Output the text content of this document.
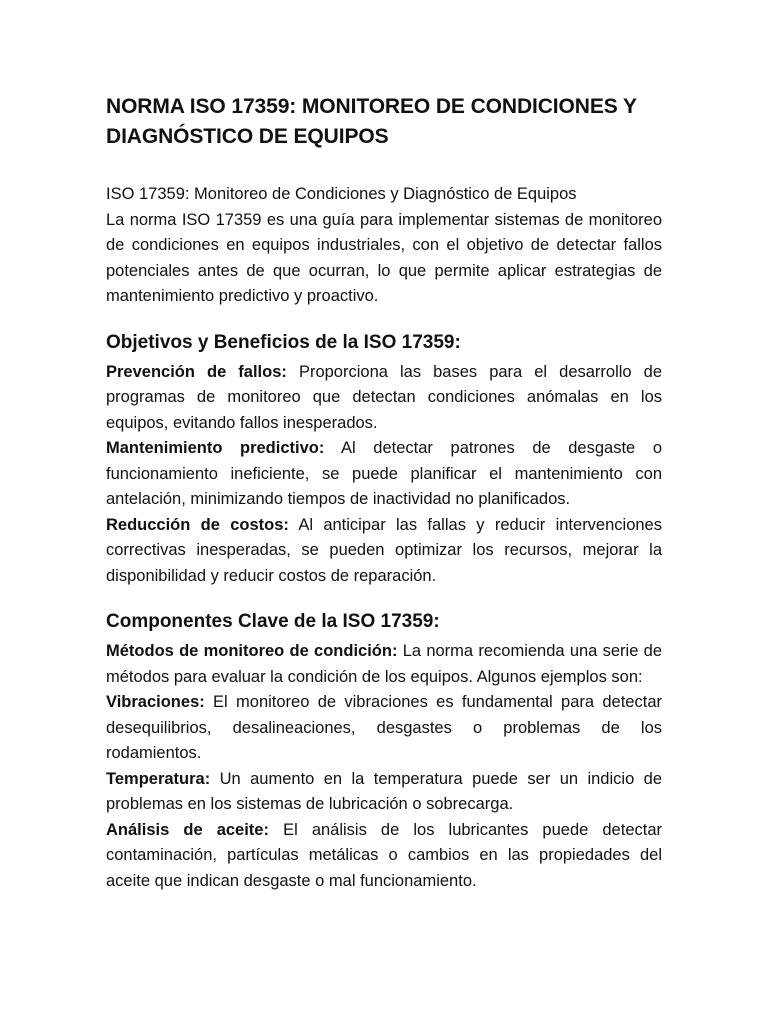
NORMA ISO 17359: MONITOREO DE CONDICIONES Y DIAGNÓSTICO DE EQUIPOS
ISO 17359: Monitoreo de Condiciones y Diagnóstico de Equipos

La norma ISO 17359 es una guía para implementar sistemas de monitoreo de condiciones en equipos industriales, con el objetivo de detectar fallos potenciales antes de que ocurran, lo que permite aplicar estrategias de mantenimiento predictivo y proactivo.

Objetivos y Beneficios de la ISO 17359:

Prevención de fallos: Proporciona las bases para el desarrollo de programas de monitoreo que detectan condiciones anómalas en los equipos, evitando fallos inesperados.

Mantenimiento predictivo: Al detectar patrones de desgaste o funcionamiento ineficiente, se puede planificar el mantenimiento con antelación, minimizando tiempos de inactividad no planificados.

Reducción de costos: Al anticipar las fallas y reducir intervenciones correctivas inesperadas, se pueden optimizar los recursos, mejorar la disponibilidad y reducir costos de reparación.

Componentes Clave de la ISO 17359:

Métodos de monitoreo de condición: La norma recomienda una serie de métodos para evaluar la condición de los equipos. Algunos ejemplos son:

Vibraciones: El monitoreo de vibraciones es fundamental para detectar desequilibrios, desalineaciones, desgastes o problemas de los rodamientos.

Temperatura: Un aumento en la temperatura puede ser un indicio de problemas en los sistemas de lubricación o sobrecarga.

Análisis de aceite: El análisis de los lubricantes puede detectar contaminación, partículas metálicas o cambios en las propiedades del aceite que indican desgaste o mal funcionamiento.
